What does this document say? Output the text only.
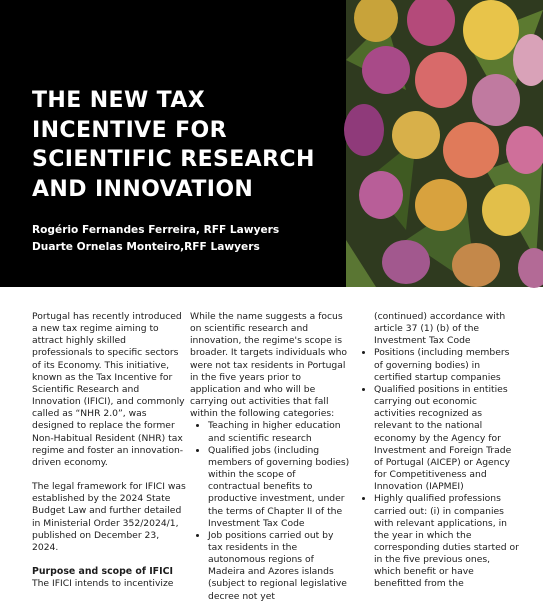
THE NEW TAX INCENTIVE FOR SCIENTIFIC RESEARCH AND INNOVATION
Rogério Fernandes Ferreira, RFF Lawyers
Duarte Ornelas Monteiro,RFF Lawyers

Portugal has recently introduced a new tax regime aiming to attract highly skilled professionals to specific sectors of its Economy. This initiative, known as the Tax Incentive for Scientific Research and Innovation (IFICI), and commonly called as “NHR 2.0”, was designed to replace the former Non-Habitual Resident (NHR) tax regime and foster an innovation-driven economy.

The legal framework for IFICI was established by the 2024 State Budget Law and further detailed in Ministerial Order 352/2024/1, published on December 23, 2024.

Purpose and scope of IFICI
The IFICI intends to incentivize
While the name suggests a focus on scientific research and innovation, the regime's scope is broader. It targets individuals who were not tax residents in Portugal in the five years prior to application and who will be carrying out activities that fall within the following categories:
• Teaching in higher education and scientific research
• Qualified jobs (including members of governing bodies) within the scope of contractual benefits to productive investment, under the terms of Chapter II of the Investment Tax Code
• Job positions carried out by tax residents in the autonomous regions of Madeira and Azores islands (subject to regional legislative decree not yet
(continued) accordance with article 37 (1) (b) of the Investment Tax Code
• Positions (including members of governing bodies) in certified startup companies
• Qualified positions in entities carrying out economic activities recognized as relevant to the national economy by the Agency for Investment and Foreign Trade of Portugal (AICEP) or Agency for Competitiveness and Innovation (IAPMEI)
• Highly qualified professions carried out: (i) in companies with relevant applications, in the year in which the corresponding duties started or in the five previous ones, which benefit or have benefitted from the
